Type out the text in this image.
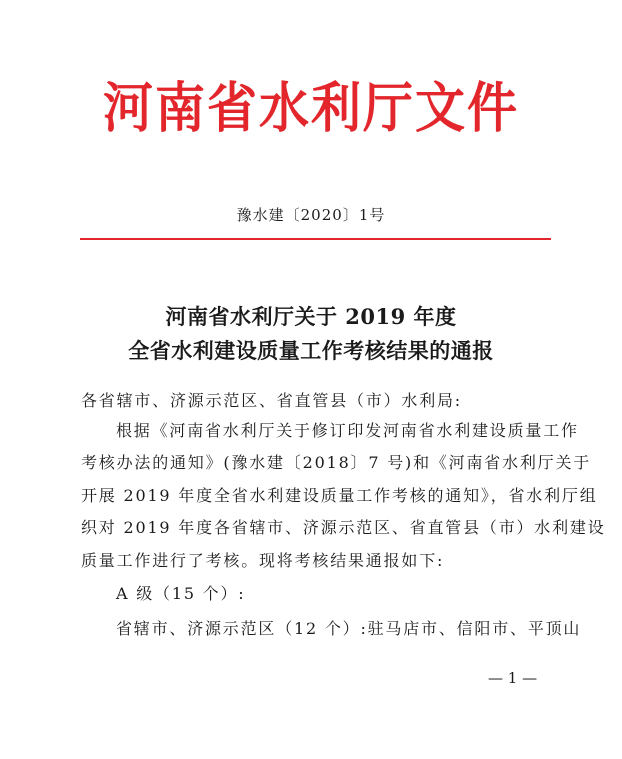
河南省水利厅文件
豫水建〔2020〕1号
河南省水利厅关于 2019 年度
全省水利建设质量工作考核结果的通报
各省辖市、济源示范区、省直管县（市）水利局:
根据《河南省水利厅关于修订印发河南省水利建设质量工作
考核办法的通知》(豫水建〔2018〕7 号)和《河南省水利厅关于
开展 2019 年度全省水利建设质量工作考核的通知》，省水利厅组
织对 2019 年度各省辖市、济源示范区、省直管县（市）水利建设
质量工作进行了考核。现将考核结果通报如下:
A 级（15 个）:
省辖市、济源示范区（12 个）:驻马店市、信阳市、平顶山
— 1 —
